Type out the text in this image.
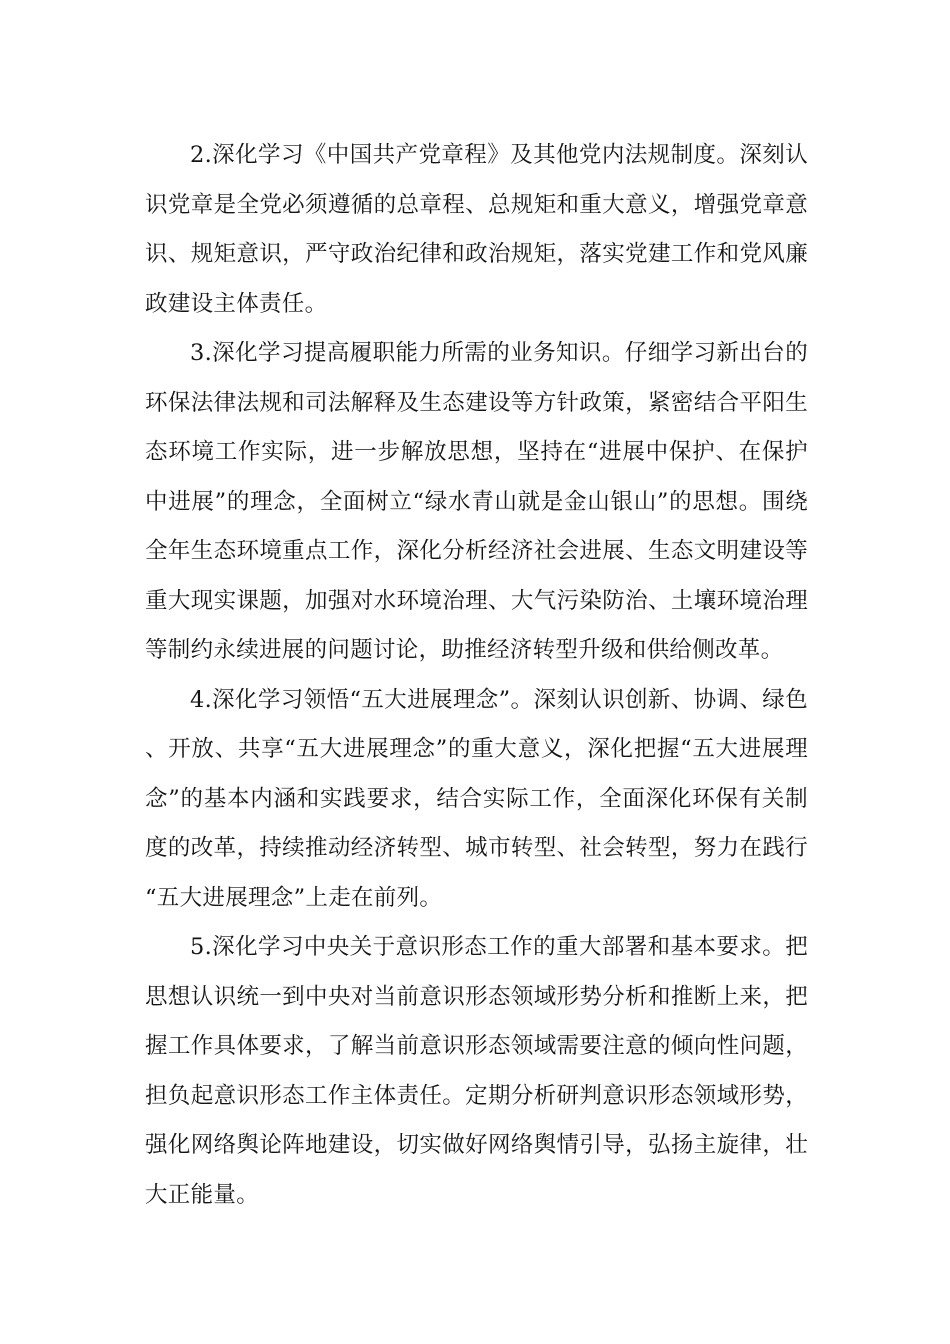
2.深化学习《中国共产党章程》及其他党内法规制度。深刻认识党章是全党必须遵循的总章程、总规矩和重大意义，增强党章意识、规矩意识，严守政治纪律和政治规矩，落实党建工作和党风廉政建设主体责任。

3.深化学习提高履职能力所需的业务知识。仔细学习新出台的环保法律法规和司法解释及生态建设等方针政策，紧密结合平阳生态环境工作实际，进一步解放思想，坚持在“进展中保护、在保护中进展”的理念，全面树立“绿水青山就是金山银山”的思想。围绕全年生态环境重点工作，深化分析经济社会进展、生态文明建设等重大现实课题，加强对水环境治理、大气污染防治、土壤环境治理等制约永续进展的问题讨论，助推经济转型升级和供给侧改革。

4.深化学习领悟“五大进展理念”。深刻认识创新、协调、绿色、开放、共享“五大进展理念”的重大意义，深化把握“五大进展理念”的基本内涵和实践要求，结合实际工作，全面深化环保有关制度的改革，持续推动经济转型、城市转型、社会转型，努力在践行“五大进展理念”上走在前列。

5.深化学习中央关于意识形态工作的重大部署和基本要求。把思想认识统一到中央对当前意识形态领域形势分析和推断上来，把握工作具体要求，了解当前意识形态领域需要注意的倾向性问题，担负起意识形态工作主体责任。定期分析研判意识形态领域形势，强化网络舆论阵地建设，切实做好网络舆情引导，弘扬主旋律，壮大正能量。
